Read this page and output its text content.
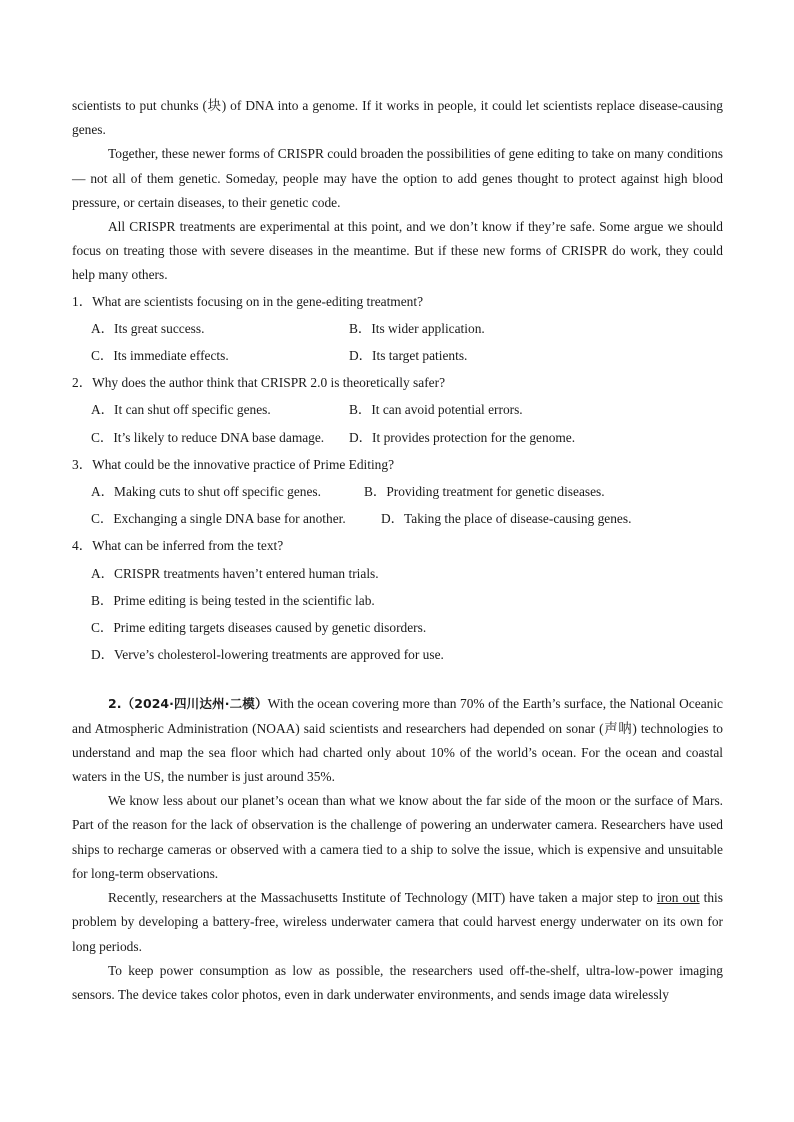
scientists to put chunks (块) of DNA into a genome. If it works in people, it could let scientists replace disease-causing genes.

Together, these newer forms of CRISPR could broaden the possibilities of gene editing to take on many conditions — not all of them genetic. Someday, people may have the option to add genes thought to protect against high blood pressure, or certain diseases, to their genetic code.

All CRISPR treatments are experimental at this point, and we don’t know if they’re safe. Some argue we should focus on treating those with severe diseases in the meantime. But if these new forms of CRISPR do work, they could help many others.

1．What are scientists focusing on in the gene-editing treatment?

A．Its great success.	B．Its wider application.
C．Its immediate effects.	D．Its target patients.

2．Why does the author think that CRISPR 2.0 is theoretically safer?

A．It can shut off specific genes.	B．It can avoid potential errors.
C．It’s likely to reduce DNA base damage.	D．It provides protection for the genome.

3．What could be the innovative practice of Prime Editing?

A．Making cuts to shut off specific genes.	B．Providing treatment for genetic diseases.
C．Exchanging a single DNA base for another.	D．Taking the place of disease-causing genes.

4．What can be inferred from the text?

A．CRISPR treatments haven’t entered human trials.
B．Prime editing is being tested in the scientific lab.
C．Prime editing targets diseases caused by genetic disorders.
D．Verve’s cholesterol-lowering treatments are approved for use.

2.（2024·四川达州·二模）With the ocean covering more than 70% of the Earth’s surface, the National Oceanic and Atmospheric Administration (NOAA) said scientists and researchers had depended on sonar (声呐) technologies to understand and map the sea floor which had charted only about 10% of the world’s ocean. For the ocean and coastal waters in the US, the number is just around 35%.

We know less about our planet’s ocean than what we know about the far side of the moon or the surface of Mars. Part of the reason for the lack of observation is the challenge of powering an underwater camera. Researchers have used ships to recharge cameras or observed with a camera tied to a ship to solve the issue, which is expensive and unsuitable for long-term observations.

Recently, researchers at the Massachusetts Institute of Technology (MIT) have taken a major step to iron out this problem by developing a battery-free, wireless underwater camera that could harvest energy underwater on its own for long periods.

To keep power consumption as low as possible, the researchers used off-the-shelf, ultra-low-power imaging sensors. The device takes color photos, even in dark underwater environments, and sends image data wirelessly
